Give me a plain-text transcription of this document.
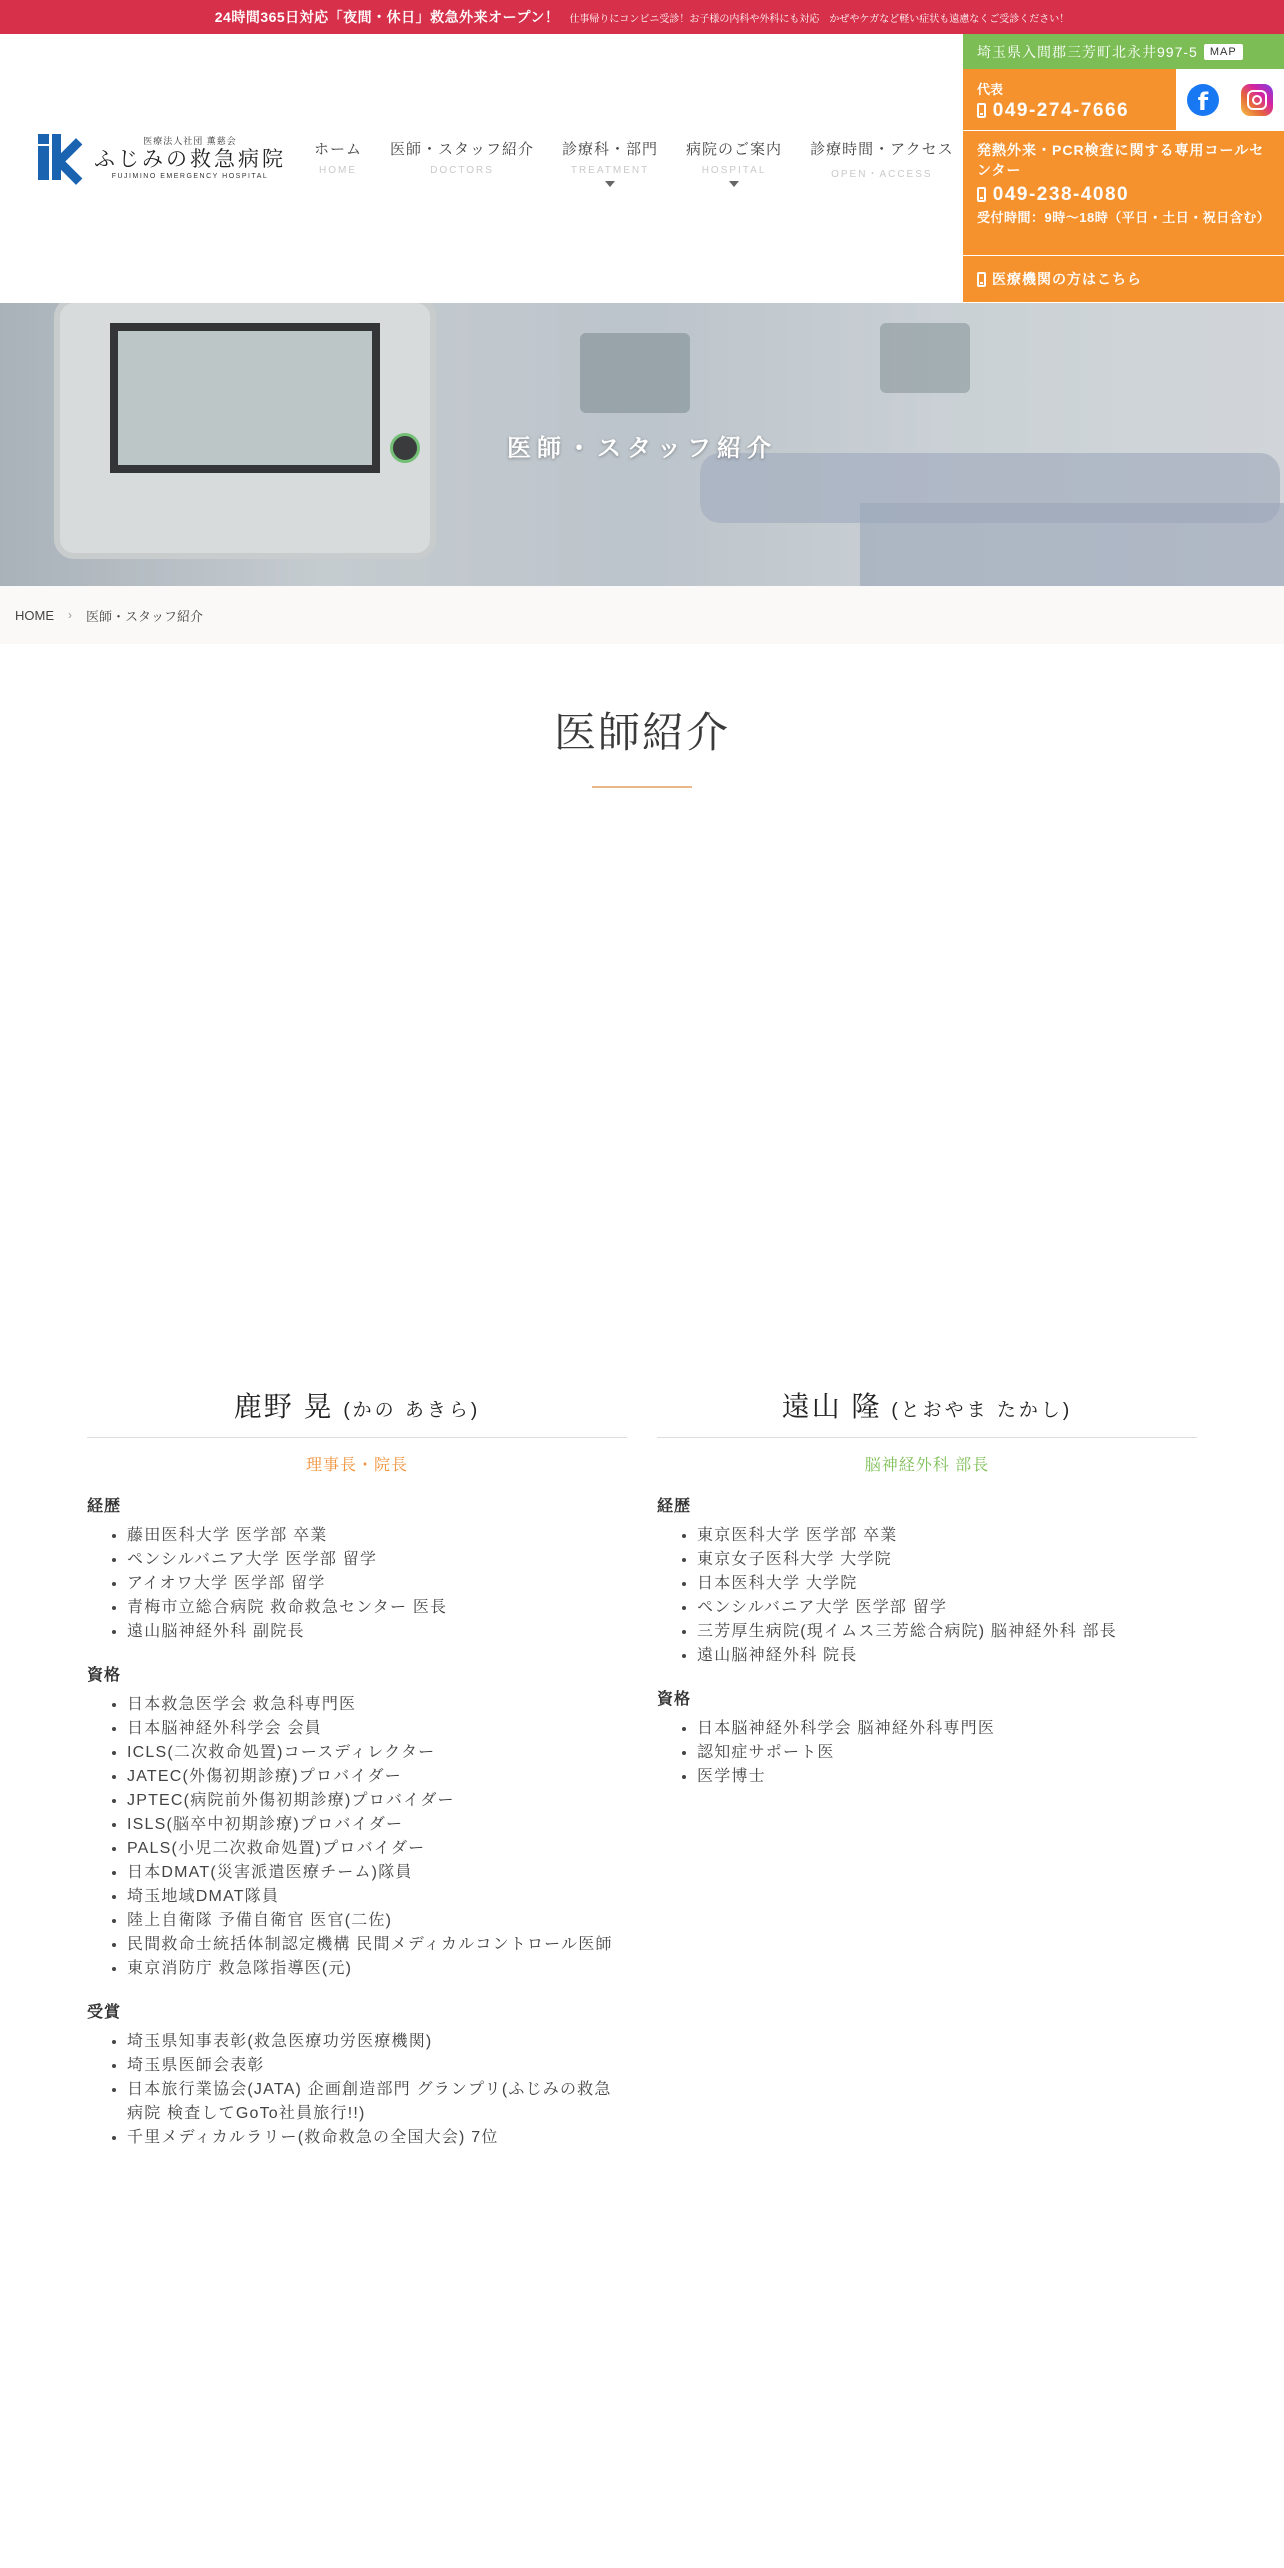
24時間365日対応「夜間・休日」救急外来オープン！ 仕事帰りにコンビニ受診！お子様の内科や外科にも対応　かぜやケガなど軽い症状も遠慮なくご受診ください！
医療法人社団 薫慈会
ふじみの救急病院
FUJIMINO EMERGENCY HOSPITAL
ホーム
HOME
医師・スタッフ紹介
DOCTORS
診療科・部門
TREATMENT
病院のご案内
HOSPITAL
診療時間・アクセス
OPEN・ACCESS
埼玉県入間郡三芳町北永井997-5	MAP
代表
049-274-7666	f
発熱外来・PCR検査に関する専用コールセンター
049-238-4080
受付時間：9時～18時（平日・土日・祝日含む）
医療機関の方はこちら
医師・スタッフ紹介
HOME › 医師・スタッフ紹介
医師紹介
鹿野 晃 (かの あきら)
理事長・院長
経歴
• 藤田医科大学 医学部 卒業
• ペンシルバニア大学 医学部 留学
• アイオワ大学 医学部 留学
• 青梅市立総合病院 救命救急センター 医長
• 遠山脳神経外科 副院長
資格
• 日本救急医学会 救急科専門医
• 日本脳神経外科学会 会員
• ICLS(二次救命処置)コースディレクター
• JATEC(外傷初期診療)プロバイダー
• JPTEC(病院前外傷初期診療)プロバイダー
• ISLS(脳卒中初期診療)プロバイダー
• PALS(小児二次救命処置)プロバイダー
• 日本DMAT(災害派遣医療チーム)隊員
• 埼玉地域DMAT隊員
• 陸上自衛隊 予備自衛官 医官(二佐)
• 民間救命士統括体制認定機構 民間メディカルコントロール医師
• 東京消防庁 救急隊指導医(元)
受賞
• 埼玉県知事表彰(救急医療功労医療機関)
• 埼玉県医師会表彰
• 日本旅行業協会(JATA) 企画創造部門 グランプリ(ふじみの救急病院 検査してGoTo社員旅行!!)
• 千里メディカルラリー(救命救急の全国大会) 7位
遠山 隆 (とおやま たかし)
脳神経外科 部長
経歴
• 東京医科大学 医学部 卒業
• 東京女子医科大学 大学院
• 日本医科大学 大学院
• ペンシルバニア大学 医学部 留学
• 三芳厚生病院(現イムス三芳総合病院) 脳神経外科 部長
• 遠山脳神経外科 院長
資格
• 日本脳神経外科学会 脳神経外科専門医
• 認知症サポート医
• 医学博士
